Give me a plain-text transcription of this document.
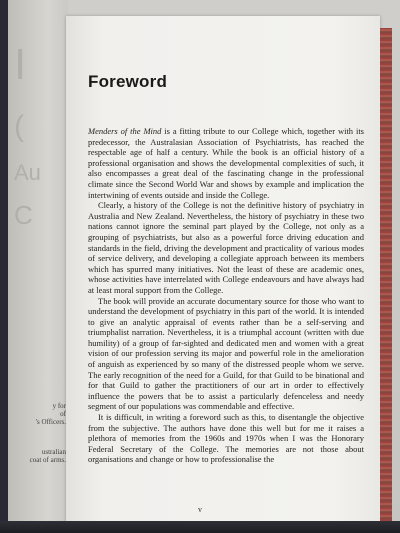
I
(
Au
C
y for
of
's Officers.
ustralian
coat of arms.
Foreword

Menders of the Mind is a fitting tribute to our College which, together with its predecessor, the Australasian Association of Psychiatrists, has reached the respectable age of half a century. While the book is an official history of a professional organisation and shows the developmental complexities of such, it also encompasses a great deal of the fascinating change in the professional climate since the Second World War and shows by example and implication the intertwining of events outside and inside the College.

Clearly, a history of the College is not the definitive history of psychiatry in Australia and New Zealand. Nevertheless, the history of psychiatry in these two nations cannot ignore the seminal part played by the College, not only as a grouping of psychiatrists, but also as a powerful force driving education and standards in the field, driving the development and practicality of various modes of service delivery, and developing a collegiate approach between its members which has spurred many initiatives. Not the least of these are academic ones, whose activities have interrelated with College endeavours and have always had at least moral support from the College.

The book will provide an accurate documentary source for those who want to understand the development of psychiatry in this part of the world. It is intended to give an analytic appraisal of events rather than be a self-serving and triumphalist narration. Nevertheless, it is a triumphal account (written with due humility) of a group of far-sighted and dedicated men and women with a great vision of our profession serving its major and powerful role in the amelioration of anguish as experienced by so many of the distressed people whom we serve. The early recognition of the need for a Guild, for that Guild to be binational and for that Guild to gather the practitioners of our art in order to effectively influence the powers that be to assist a particularly defenceless and needy segment of our populations was commendable and effective.

It is difficult, in writing a foreword such as this, to disentangle the objective from the subjective. The authors have done this well but for me it raises a plethora of memories from the 1960s and 1970s when I was the Honorary Federal Secretary of the College. The memories are not those about organisations and change or how to professionalise the

v
